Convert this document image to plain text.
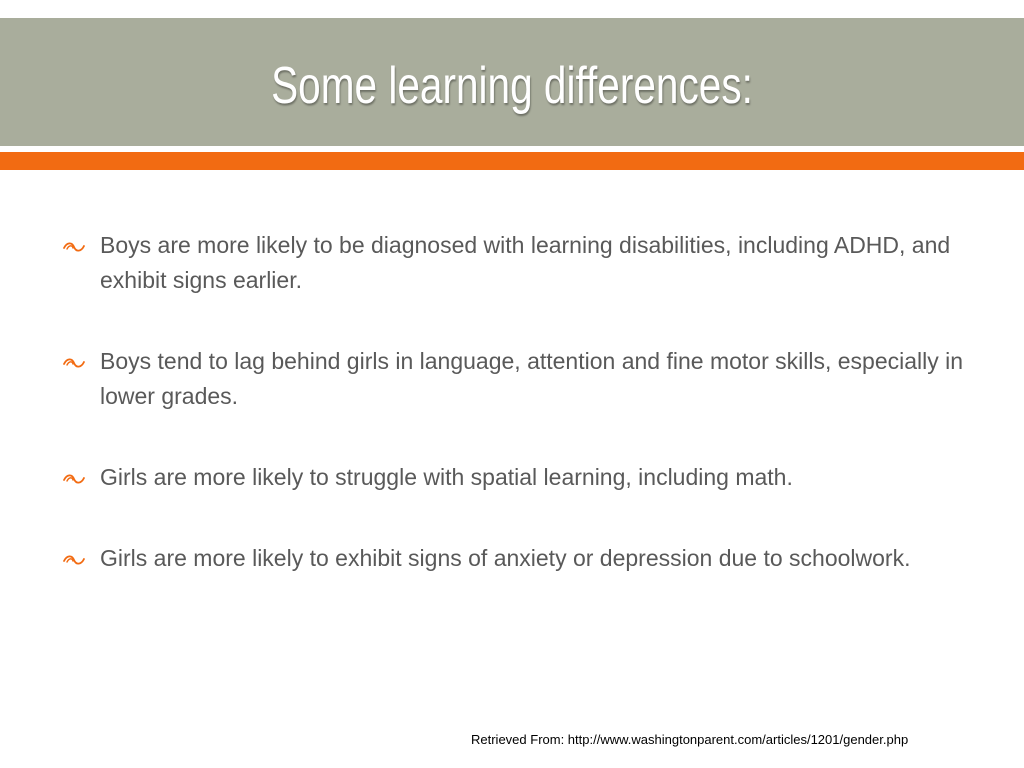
Some learning differences:
Boys are more likely to be diagnosed with learning disabilities, including ADHD, and exhibit signs earlier.
Boys tend to lag behind girls in language, attention and fine motor skills, especially in lower grades.
Girls are more likely to struggle with spatial learning, including math.
Girls are more likely to exhibit signs of anxiety or depression due to schoolwork.
Retrieved From: http://www.washingtonparent.com/articles/1201/gender.php
